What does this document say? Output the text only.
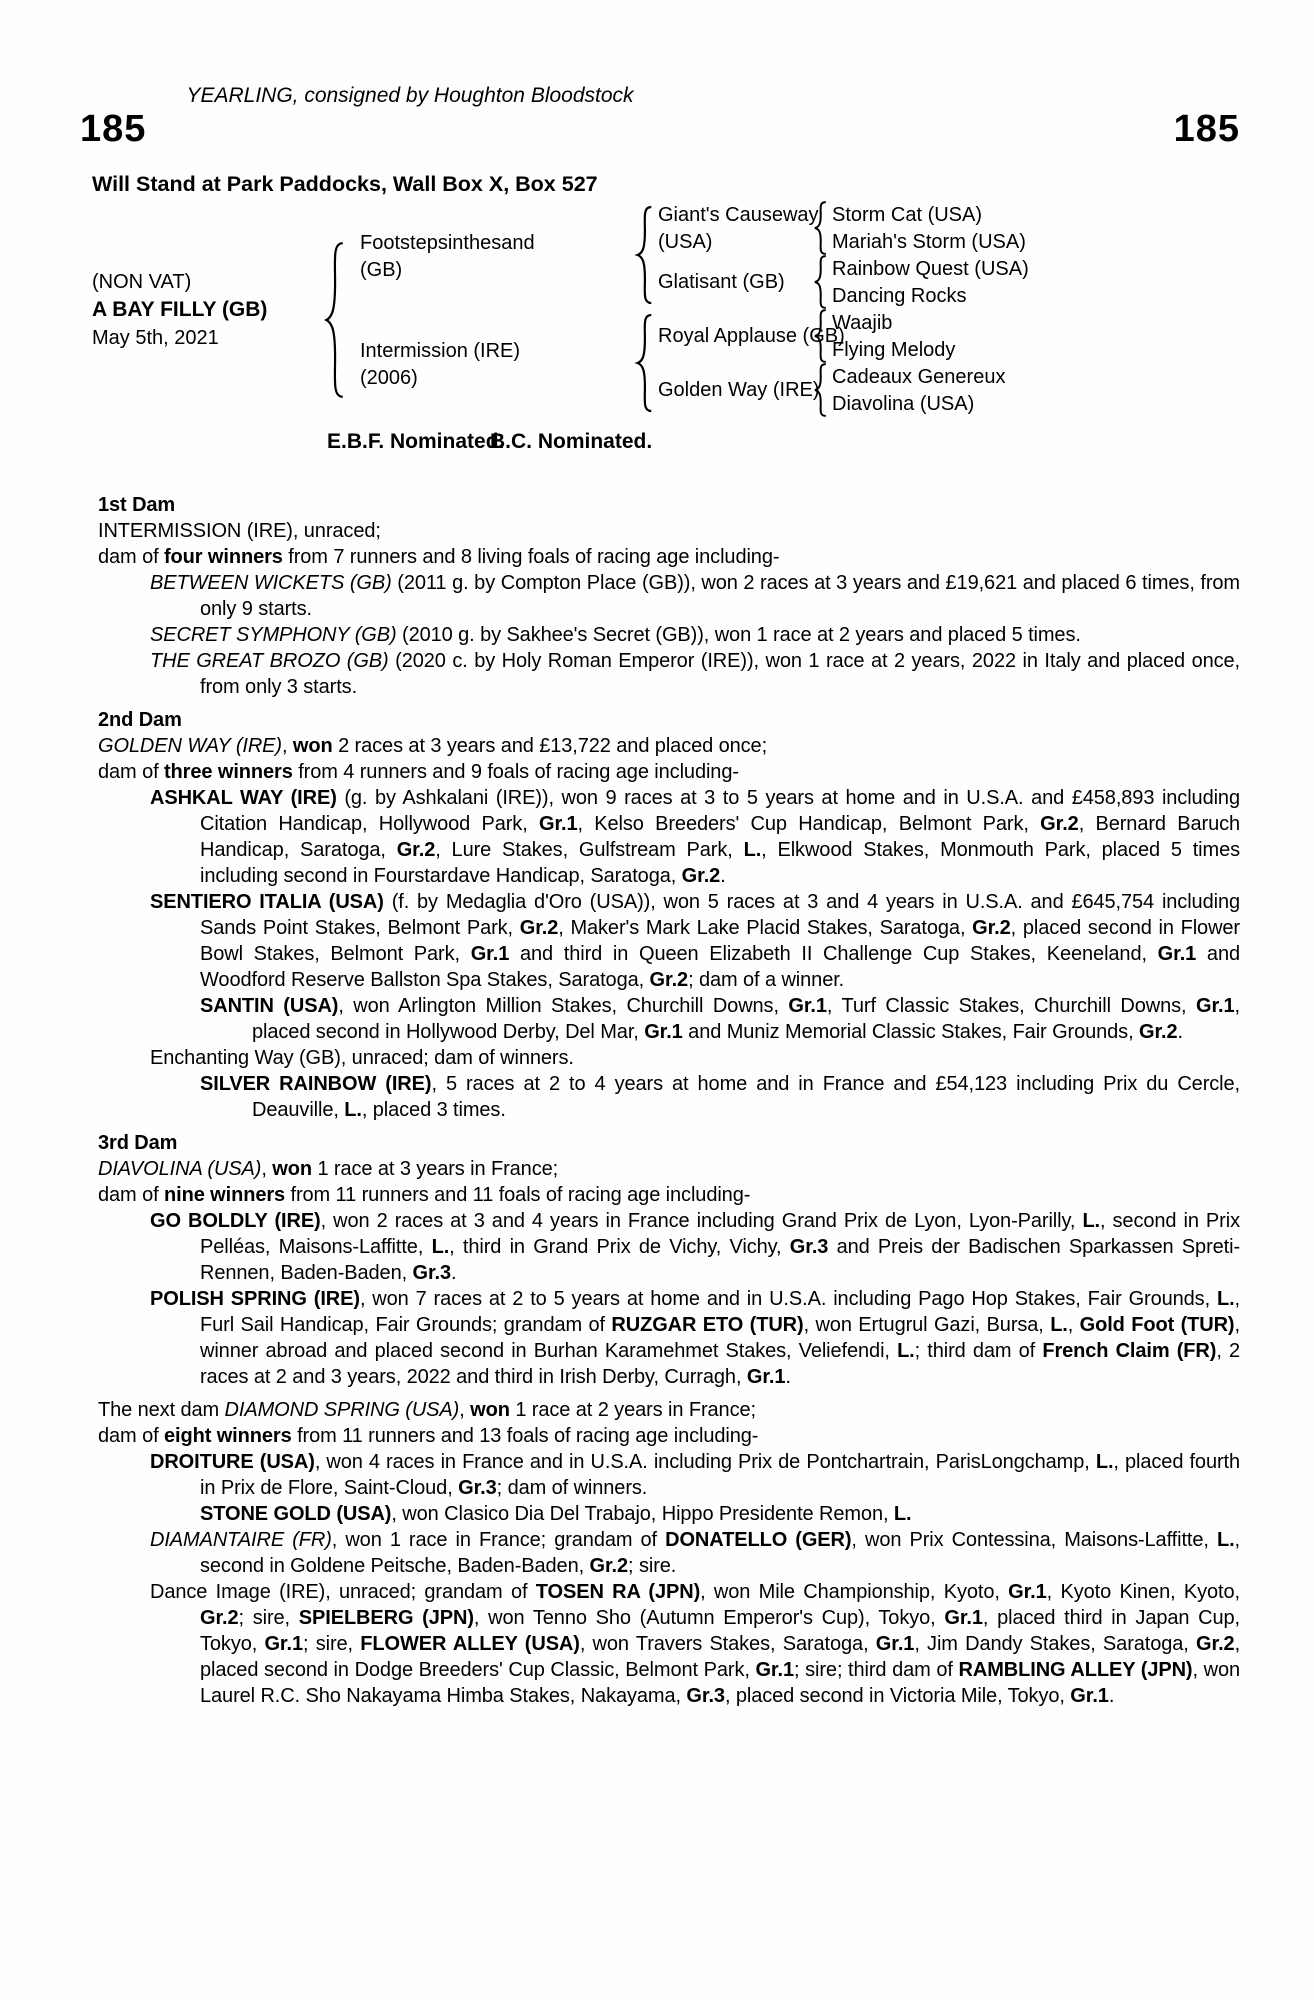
YEARLING, consigned by Houghton Bloodstock
185	185
Will Stand at Park Paddocks, Wall Box X, Box 527
(NON VAT)
A BAY FILLY (GB)
May 5th, 2021
Footstepsinthesand
(GB)
Intermission (IRE)
(2006)
Giant's Causeway
(USA)
Glatisant (GB)
Royal Applause (GB)
Golden Way (IRE)
Storm Cat (USA)
Mariah's Storm (USA)
Rainbow Quest (USA)
Dancing Rocks
Waajib
Flying Melody
Cadeaux Genereux
Diavolina (USA)
E.B.F. Nominated.
B.C. Nominated.
1st Dam

INTERMISSION (IRE), unraced;

dam of four winners from 7 runners and 8 living foals of racing age including-

BETWEEN WICKETS (GB) (2011 g. by Compton Place (GB)), won 2 races at 3 years and £19,621 and placed 6 times, from only 9 starts.

SECRET SYMPHONY (GB) (2010 g. by Sakhee's Secret (GB)), won 1 race at 2 years and placed 5 times.

THE GREAT BROZO (GB) (2020 c. by Holy Roman Emperor (IRE)), won 1 race at 2 years, 2022 in Italy and placed once, from only 3 starts.

2nd Dam

GOLDEN WAY (IRE), won 2 races at 3 years and £13,722 and placed once;

dam of three winners from 4 runners and 9 foals of racing age including-

ASHKAL WAY (IRE) (g. by Ashkalani (IRE)), won 9 races at 3 to 5 years at home and in U.S.A. and £458,893 including Citation Handicap, Hollywood Park, Gr.1, Kelso Breeders' Cup Handicap, Belmont Park, Gr.2, Bernard Baruch Handicap, Saratoga, Gr.2, Lure Stakes, Gulfstream Park, L., Elkwood Stakes, Monmouth Park, placed 5 times including second in Fourstardave Handicap, Saratoga, Gr.2.

SENTIERO ITALIA (USA) (f. by Medaglia d'Oro (USA)), won 5 races at 3 and 4 years in U.S.A. and £645,754 including Sands Point Stakes, Belmont Park, Gr.2, Maker's Mark Lake Placid Stakes, Saratoga, Gr.2, placed second in Flower Bowl Stakes, Belmont Park, Gr.1 and third in Queen Elizabeth II Challenge Cup Stakes, Keeneland, Gr.1 and Woodford Reserve Ballston Spa Stakes, Saratoga, Gr.2; dam of a winner.

SANTIN (USA), won Arlington Million Stakes, Churchill Downs, Gr.1, Turf Classic Stakes, Churchill Downs, Gr.1, placed second in Hollywood Derby, Del Mar, Gr.1 and Muniz Memorial Classic Stakes, Fair Grounds, Gr.2.

Enchanting Way (GB), unraced; dam of winners.

SILVER RAINBOW (IRE), 5 races at 2 to 4 years at home and in France and £54,123 including Prix du Cercle, Deauville, L., placed 3 times.

3rd Dam

DIAVOLINA (USA), won 1 race at 3 years in France;

dam of nine winners from 11 runners and 11 foals of racing age including-

GO BOLDLY (IRE), won 2 races at 3 and 4 years in France including Grand Prix de Lyon, Lyon-Parilly, L., second in Prix Pelléas, Maisons-Laffitte, L., third in Grand Prix de Vichy, Vichy, Gr.3 and Preis der Badischen Sparkassen Spreti-Rennen, Baden-Baden, Gr.3.

POLISH SPRING (IRE), won 7 races at 2 to 5 years at home and in U.S.A. including Pago Hop Stakes, Fair Grounds, L., Furl Sail Handicap, Fair Grounds; grandam of RUZGAR ETO (TUR), won Ertugrul Gazi, Bursa, L., Gold Foot (TUR), winner abroad and placed second in Burhan Karamehmet Stakes, Veliefendi, L.; third dam of French Claim (FR), 2 races at 2 and 3 years, 2022 and third in Irish Derby, Curragh, Gr.1.

The next dam DIAMOND SPRING (USA), won 1 race at 2 years in France;

dam of eight winners from 11 runners and 13 foals of racing age including-

DROITURE (USA), won 4 races in France and in U.S.A. including Prix de Pontchartrain, ParisLongchamp, L., placed fourth in Prix de Flore, Saint-Cloud, Gr.3; dam of winners.

STONE GOLD (USA), won Clasico Dia Del Trabajo, Hippo Presidente Remon, L.

DIAMANTAIRE (FR), won 1 race in France; grandam of DONATELLO (GER), won Prix Contessina, Maisons-Laffitte, L., second in Goldene Peitsche, Baden-Baden, Gr.2; sire.

Dance Image (IRE), unraced; grandam of TOSEN RA (JPN), won Mile Championship, Kyoto, Gr.1, Kyoto Kinen, Kyoto, Gr.2; sire, SPIELBERG (JPN), won Tenno Sho (Autumn Emperor's Cup), Tokyo, Gr.1, placed third in Japan Cup, Tokyo, Gr.1; sire, FLOWER ALLEY (USA), won Travers Stakes, Saratoga, Gr.1, Jim Dandy Stakes, Saratoga, Gr.2, placed second in Dodge Breeders' Cup Classic, Belmont Park, Gr.1; sire; third dam of RAMBLING ALLEY (JPN), won Laurel R.C. Sho Nakayama Himba Stakes, Nakayama, Gr.3, placed second in Victoria Mile, Tokyo, Gr.1.
